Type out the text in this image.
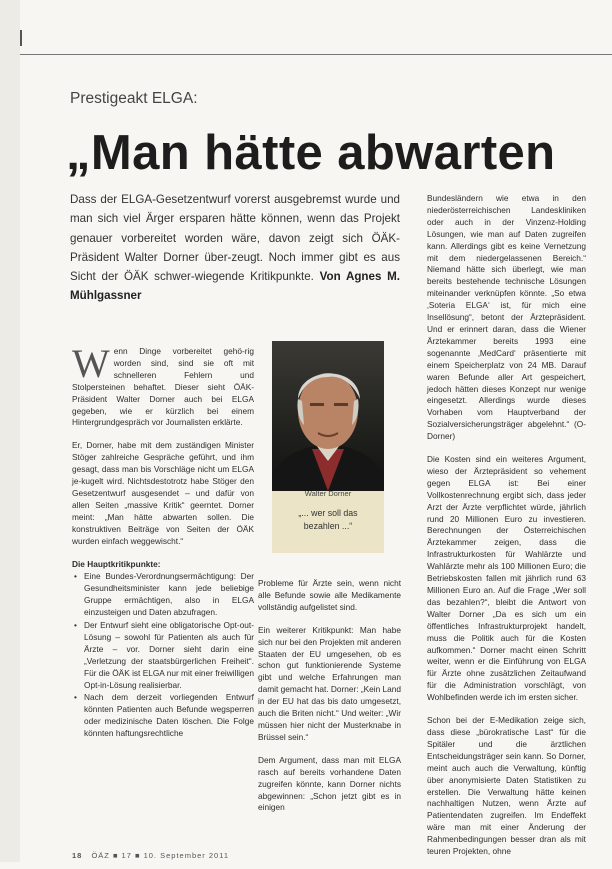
Prestigeakt ELGA:
„Man hätte abwarten
Dass der ELGA-Gesetzentwurf vorerst ausgebremst wurde und man sich viel Ärger ersparen hätte können, wenn das Projekt genauer vorbereitet worden wäre, davon zeigt sich ÖÄK-Präsident Walter Dorner über-zeugt. Noch immer gibt es aus Sicht der ÖÄK schwer-wiegende Kritikpunkte. Von Agnes M. Mühlgassner

Wenn Dinge vorbereitet gehö-rig worden sind, sind sie oft mit schnelleren Fehlern und Stolpersteinen behaftet. Dieser sieht ÖÄK-Präsident Walter Dorner auch bei ELGA gegeben, wie er kürzlich bei einem Hintergrundgespräch vor Journalisten erklärte.

Er, Dorner, habe mit dem zuständigen Minister Stöger zahlreiche Gespräche geführt, und ihm gesagt, dass man bis Vorschläge nicht um ELGA je-kugelt wird. Nichtsdestotrotz habe Stöger den Gesetzentwurf ausgesendet – und dafür von allen Seiten „massive Kritik“ geerntet. Dorner meint: „Man hätte abwarten sollen. Die konstruktiven Beiträge von Seiten der ÖÄK wurden einfach weggewischt.“

Die Hauptkritikpunkte:
• Eine Bundes-Verordnungsermächtigung: Der Gesundheitsminister kann jede beliebige Gruppe ermächtigen, also in ELGA einzusteigen und Daten abzufragen.
• Der Entwurf sieht eine obligatorische Opt-out-Lösung – sowohl für Patienten als auch für Ärzte – vor. Dorner sieht darin eine „Verletzung der staatsbürgerlichen Freiheit“. Für die ÖÄK ist ELGA nur mit einer freiwilligen Opt-in-Lösung realisierbar.
• Nach dem derzeit vorliegenden Entwurf könnten Patienten auch Befunde wegsperren oder medizinische Daten löschen. Die Folge könnten haftungsrechtliche
Walter Dorner
„... wer soll das bezahlen ...“

Probleme für Ärzte sein, wenn nicht alle Befunde sowie alle Medikamente vollständig aufgelistet sind.

Ein weiterer Kritikpunkt: Man habe sich nur bei den Projekten mit anderen Staaten der EU umgesehen, ob es schon gut funktionierende Systeme gibt und welche Erfahrungen man damit gemacht hat. Dorner: „Kein Land in der EU hat das bis dato umgesetzt, auch die Briten nicht.“ Und weiter: „Wir müssen hier nicht der Musterknabe in Brüssel sein.“

Dem Argument, dass man mit ELGA rasch auf bereits vorhandene Daten zugreifen könnte, kann Dorner nichts abgewinnen: „Schon jetzt gibt es in einigen

Bundesländern wie etwa in den niederösterreichischen Landeskliniken oder auch in der Vinzenz-Holding Lösungen, wie man auf Daten zugreifen kann. Allerdings gibt es keine Vernetzung mit dem niedergelassenen Bereich.“ Niemand hätte sich überlegt, wie man bereits bestehende technische Lösungen miteinander verknüpfen könnte. „So etwa ‚Soteria ELGA‘ ist, für mich eine Insellösung“, betont der Ärztepräsident. Und er erinnert daran, dass die Wiener Ärztekammer bereits 1993 eine sogenannte ‚MedCard‘ präsentierte mit einem Speicherplatz von 24 MB. Darauf waren Befunde aller Art gespeichert, jedoch hätten dieses Konzept nur wenige eingesetzt. Allerdings wurde dieses Vorhaben vom Hauptverband der Sozialversicherungsträger abgelehnt.“ (O-Dorner)

Die Kosten sind ein weiteres Argument, wieso der Ärztepräsident so vehement gegen ELGA ist: Bei einer Vollkostenrechnung ergibt sich, dass jeder Arzt der Ärzte verpflichtet würde, jährlich rund 20 Millionen Euro zu investieren. Berechnungen der Österreichischen Ärztekammer zeigen, dass die Infrastrukturkosten für Wahlärzte und Wahlärzte mehr als 100 Millionen Euro; die Betriebskosten fallen mit jährlich rund 63 Millionen Euro an. Auf die Frage „Wer soll das bezahlen?“, bleibt die Antwort von Walter Dorner „Da es sich um ein öffentliches Infrastrukturprojekt handelt, muss die Politik auch für die Kosten aufkommen.“ Dorner macht einen Schritt weiter, wenn er die Einführung von ELGA für Ärzte ohne zusätzlichen Zeitaufwand für die Administration vorschlägt, von Wohlbefinden werde ich im ersten sicher.

Schon bei der E-Medikation zeige sich, dass diese „bürokratische Last“ für die Spitäler und die ärztlichen Entscheidungsträger sein kann. So Dorner, meint auch auch die Verwaltung, künftig über anonymisierte Daten Statistiken zu erstellen. Die Verwaltung hätte keinen nachhaltigen Nutzen, wenn Ärzte auf Patientendaten zugreifen. Im Endeffekt wäre man mit einer Änderung der Rahmenbedingungen besser dran als mit teuren Projekten, ohne

18 ÖÄZ ■ 17 ■ 10. September 2011
